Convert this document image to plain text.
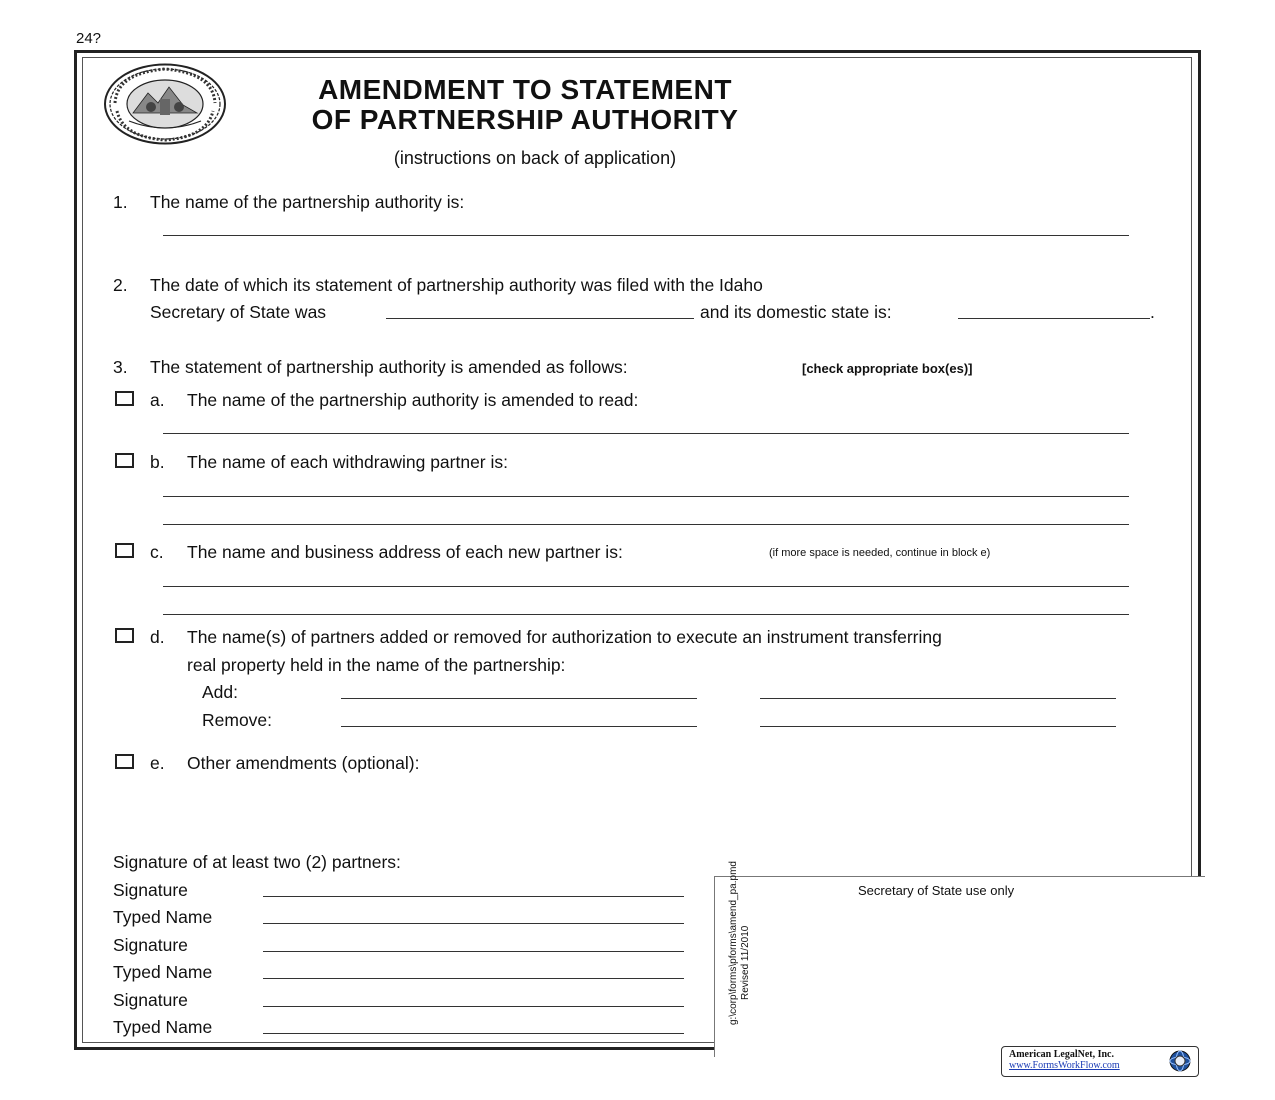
24?
AMENDMENT TO STATEMENT
OF PARTNERSHIP AUTHORITY
(instructions on back of application)
1. The name of the partnership authority is:
2. The date of which its statement of partnership authority was filed with the Idaho
Secretary of State was	and its domestic state is:	.
3. The statement of partnership authority is amended as follows:	[check appropriate box(es)]
a. The name of the partnership authority is amended to read:
b. The name of each withdrawing partner is:
c. The name and business address of each new partner is:	(if more space is needed, continue in block e)
d. The name(s) of partners added or removed for authorization to execute an instrument transferring
real property held in the name of the partnership:
Add:
Remove:
e. Other amendments (optional):
Signature of at least two (2) partners:
Signature
Typed Name
Signature
Typed Name
Signature
Typed Name
Secretary of State use only
g:\corp\forms\pforms\amend_pa.pmd Revised 11/2010
American LegalNet, Inc.
www.FormsWorkFlow.com
